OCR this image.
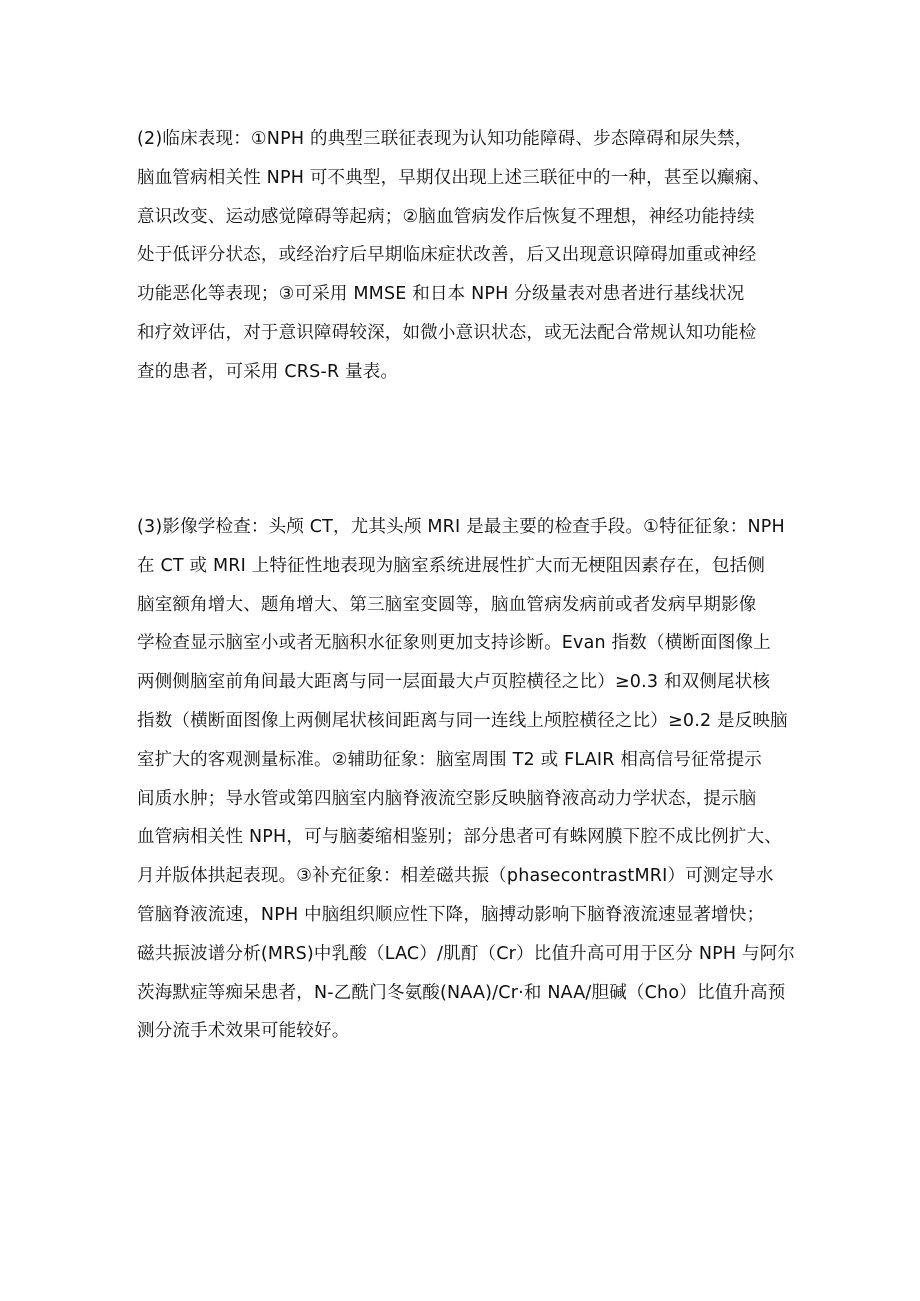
(2)临床表现：①NPH 的典型三联征表现为认知功能障碍、步态障碍和尿失禁，
脑血管病相关性 NPH 可不典型，早期仅出现上述三联征中的一种，甚至以癫痫、
意识改变、运动感觉障碍等起病；②脑血管病发作后恢复不理想，神经功能持续
处于低评分状态，或经治疗后早期临床症状改善，后又出现意识障碍加重或神经
功能恶化等表现；③可采用 MMSE 和日本 NPH 分级量表对患者进行基线状况
和疗效评估，对于意识障碍较深，如微小意识状态，或无法配合常规认知功能检
查的患者，可采用 CRS-R 量表。
(3)影像学检查：头颅 CT，尤其头颅 MRI 是最主要的检查手段。①特征征象：NPH
在 CT 或 MRI 上特征性地表现为脑室系统进展性扩大而无梗阻因素存在，包括侧
脑室额角增大、题角增大、第三脑室变圆等，脑血管病发病前或者发病早期影像
学检查显示脑室小或者无脑积水征象则更加支持诊断。Evan 指数（横断面图像上
两侧侧脑室前角间最大距离与同一层面最大卢页腔横径之比）≥0.3 和双侧尾状核
指数（横断面图像上两侧尾状核间距离与同一连线上颅腔横径之比）≥0.2 是反映脑
室扩大的客观测量标准。②辅助征象：脑室周围 T2 或 FLAIR 相高信号征常提示
间质水肿；导水管或第四脑室内脑脊液流空影反映脑脊液高动力学状态，提示脑
血管病相关性 NPH，可与脑萎缩相鉴别；部分患者可有蛛网膜下腔不成比例扩大、
月并版体拱起表现。③补充征象：相差磁共振（phasecontrastMRI）可测定导水
管脑脊液流速，NPH 中脑组织顺应性下降，脑搏动影响下脑脊液流速显著增快；
磁共振波谱分析(MRS)中乳酸（LAC）/肌酊（Cr）比值升高可用于区分 NPH 与阿尔
茨海默症等痴呆患者，N-乙酰门冬氨酸(NAA)/Cr·和 NAA/胆碱（Cho）比值升高预
测分流手术效果可能较好。
